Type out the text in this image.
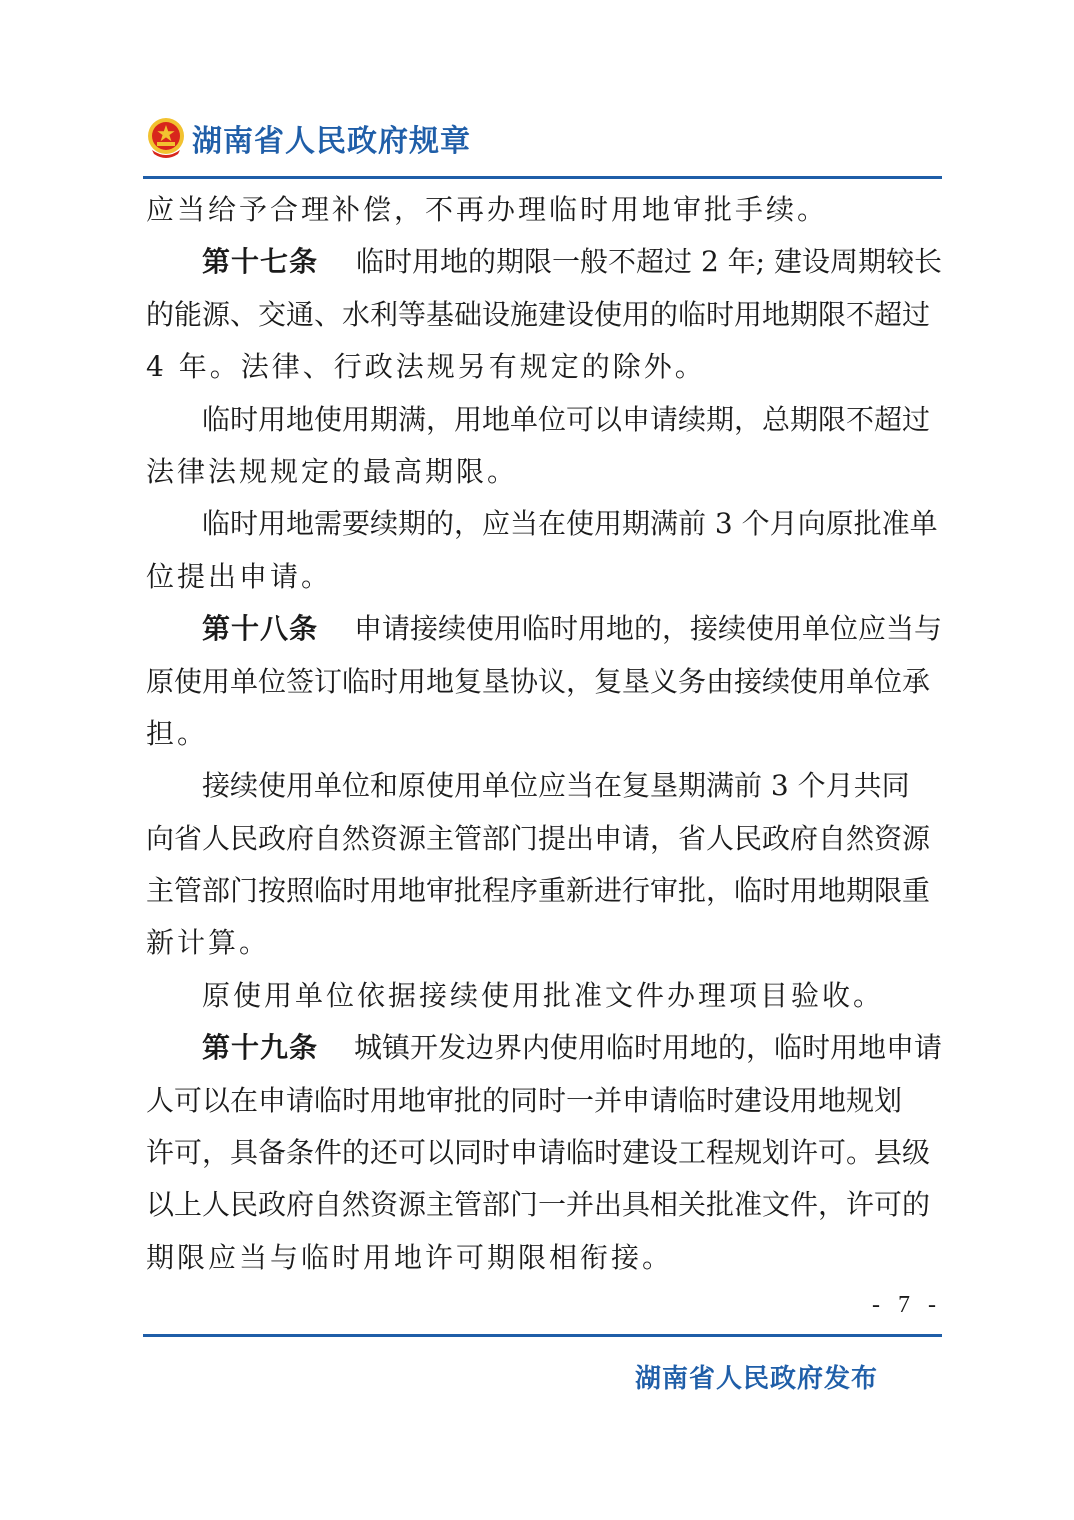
湖南省人民政府规章
应当给予合理补偿，不再办理临时用地审批手续。
第十七条 临时用地的期限一般不超过 2 年; 建设周期较长
的能源、交通、水利等基础设施建设使用的临时用地期限不超过
4 年。法律、行政法规另有规定的除外。
临时用地使用期满，用地单位可以申请续期，总期限不超过
法律法规规定的最高期限。
临时用地需要续期的，应当在使用期满前 3 个月向原批准单
位提出申请。
第十八条 申请接续使用临时用地的，接续使用单位应当与
原使用单位签订临时用地复垦协议，复垦义务由接续使用单位承
担。
接续使用单位和原使用单位应当在复垦期满前 3 个月共同
向省人民政府自然资源主管部门提出申请，省人民政府自然资源
主管部门按照临时用地审批程序重新进行审批，临时用地期限重
新计算。
原使用单位依据接续使用批准文件办理项目验收。
第十九条 城镇开发边界内使用临时用地的，临时用地申请
人可以在申请临时用地审批的同时一并申请临时建设用地规划
许可，具备条件的还可以同时申请临时建设工程规划许可。县级
以上人民政府自然资源主管部门一并出具相关批准文件，许可的
期限应当与临时用地许可期限相衔接。
- 7 -
湖南省人民政府发布
